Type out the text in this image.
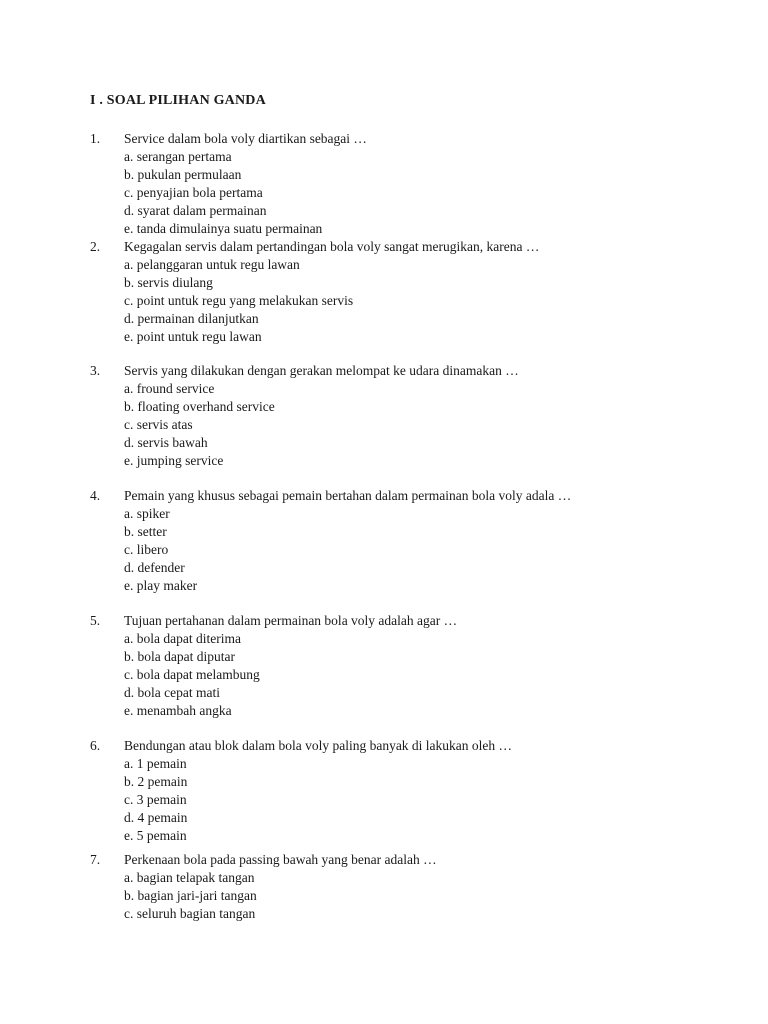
I . SOAL PILIHAN GANDA
1. Service dalam bola voly diartikan sebagai …
a. serangan pertama
b. pukulan permulaan
c. penyajian bola pertama
d. syarat dalam permainan
e. tanda dimulainya suatu permainan
2. Kegagalan servis dalam pertandingan bola voly sangat merugikan, karena …
a. pelanggaran untuk regu lawan
b. servis diulang
c. point untuk regu yang melakukan servis
d. permainan dilanjutkan
e. point untuk regu lawan
3. Servis yang dilakukan dengan gerakan melompat ke udara dinamakan …
a. fround service
b. floating overhand service
c. servis atas
d. servis bawah
e. jumping service
4. Pemain yang khusus sebagai pemain bertahan dalam permainan bola voly adala …
a. spiker
b. setter
c. libero
d. defender
e. play maker
5. Tujuan pertahanan dalam permainan bola voly adalah agar …
a. bola dapat diterima
b. bola dapat diputar
c. bola dapat melambung
d. bola cepat mati
e. menambah angka
6. Bendungan atau blok dalam bola voly paling banyak di lakukan oleh …
a. 1 pemain
b. 2 pemain
c. 3 pemain
d. 4 pemain
e. 5 pemain
7. Perkenaan bola pada passing bawah yang benar adalah …
a. bagian telapak tangan
b. bagian jari-jari tangan
c. seluruh bagian tangan
